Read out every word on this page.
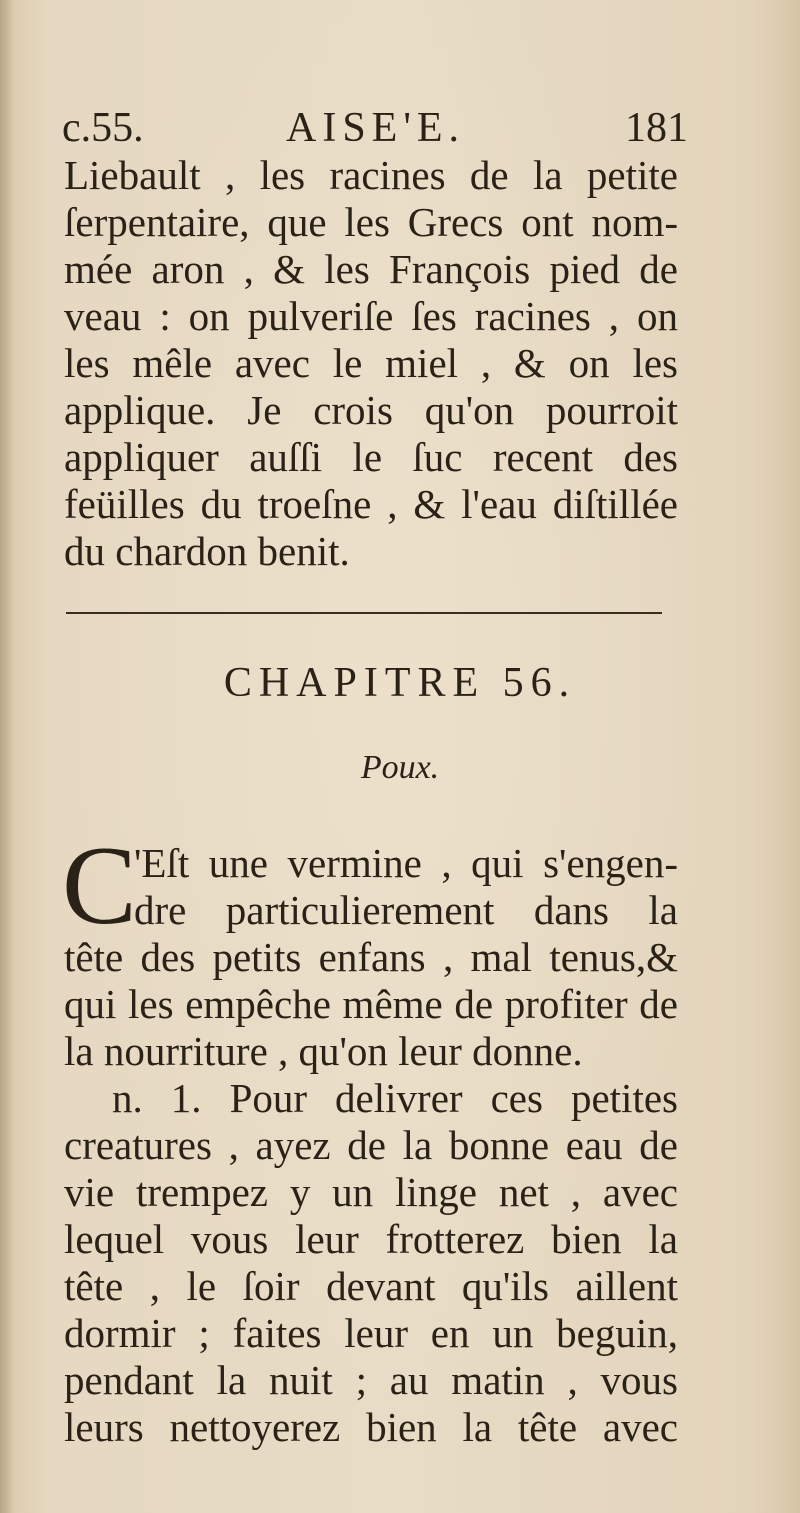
c.55.	AISE'E.	181
Liebault , les racines de la petite
ſerpentaire, que les Grecs ont nom-
mée aron , & les François pied de
veau : on pulveriſe ſes racines , on
les mêle avec le miel , & on les
applique. Je crois qu'on pourroit
appliquer auſſi le ſuc recent des
feüilles du troeſne , & l'eau diſtillée
du chardon benit.
CHAPITRE 56.
Poux.
C
'Eſt une vermine , qui s'engen-
dre particulierement dans la
tête des petits enfans , mal tenus,&
qui les empêche même de profiter de
la nourriture , qu'on leur donne.
n. 1. Pour delivrer ces petites
creatures , ayez de la bonne eau de
vie trempez y un linge net , avec
lequel vous leur frotterez bien la
tête , le ſoir devant qu'ils aillent
dormir ; faites leur en un beguin,
pendant la nuit ; au matin , vous
leurs nettoyerez bien la tête avec
